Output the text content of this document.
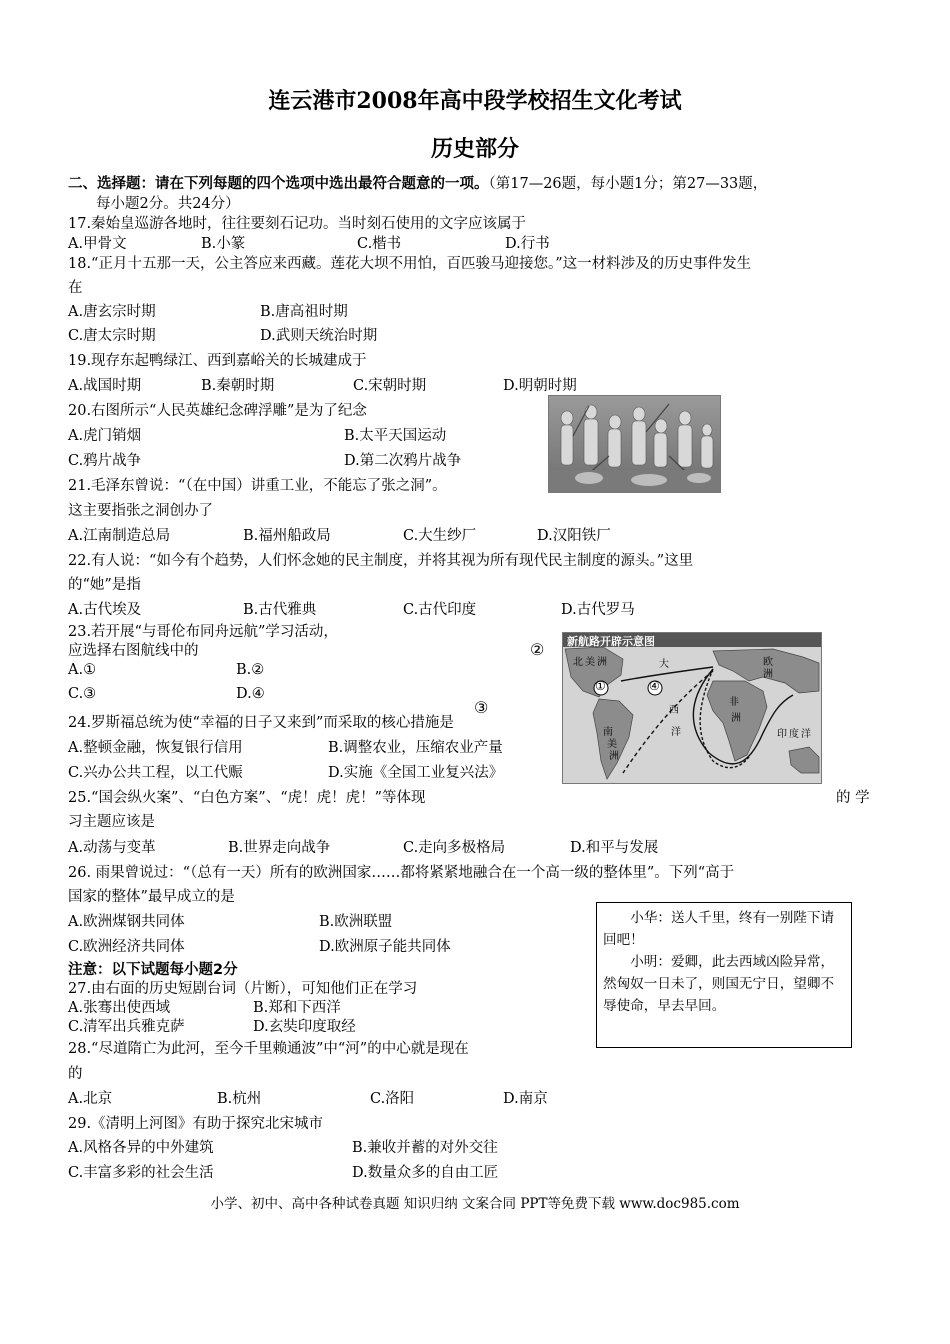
连云港市2008年高中段学校招生文化考试
历史部分
二、选择题：请在下列每题的四个选项中选出最符合题意的一项。（第17—26题，每小题1分；第27—33题，
每小题2分。共24分）
17.秦始皇巡游各地时，往往要刻石记功。当时刻石使用的文字应该属于
A.甲骨文	B.小篆	C.楷书	D.行书
18.“正月十五那一天，公主答应来西藏。莲花大坝不用怕，百匹骏马迎接您。”这一材料涉及的历史事件发生
在
A.唐玄宗时期	B.唐高祖时期
C.唐太宗时期	D.武则天统治时期
19.现存东起鸭绿江、西到嘉峪关的长城建成于
A.战国时期	B.秦朝时期	C.宋朝时期	D.明朝时期
20.右图所示“人民英雄纪念碑浮雕”是为了纪念
A.虎门销烟	B.太平天国运动
C.鸦片战争	D.第二次鸦片战争
21.毛泽东曾说：“（在中国）讲重工业，不能忘了张之洞”。
这主要指张之洞创办了
A.江南制造总局	B.福州船政局	C.大生纱厂	D.汉阳铁厂
22.有人说：“如今有个趋势，人们怀念她的民主制度，并将其视为所有现代民主制度的源头。”这里
的“她”是指
A.古代埃及	B.古代雅典	C.古代印度	D.古代罗马
23.若开展“与哥伦布同舟远航”学习活动，
应选择右图航线中的
A.①	B.②
C.③	D.④
②
③
新航路开辟示意图
①	④
北 美 洲	大
西
洋
南
美
洲
非
洲
欧
洲
印 度 洋
24.罗斯福总统为使“幸福的日子又来到”而采取的核心措施是
A.整顿金融，恢复银行信用	B.调整农业，压缩农业产量
C.兴办公共工程，以工代赈	D.实施《全国工业复兴法》
25.“国会纵火案”、“白色方案”、“虎！虎！虎！”等体现	的 学
习主题应该是
A.动荡与变革	B.世界走向战争	C.走向多极格局	D.和平与发展
26. 雨果曾说过：“（总有一天）所有的欧洲国家……都将紧紧地融合在一个高一级的整体里”。下列“高于
国家的整体”最早成立的是
A.欧洲煤钢共同体	B.欧洲联盟
C.欧洲经济共同体	D.欧洲原子能共同体
注意：以下试题每小题2分
27.由右面的历史短剧台词（片断），可知他们正在学习
A.张骞出使西域	B.郑和下西洋
C.清军出兵雅克萨	D.玄奘印度取经
小华：送人千里，终有一别陛下请回吧！
小明：爱卿，此去西域凶险异常，然匈奴一日未了，则国无宁日，望卿不辱使命，早去早回。
28.“尽道隋亡为此河，至今千里赖通波”中“河”的中心就是现在
的
A.北京	B.杭州	C.洛阳	D.南京
29.《清明上河图》有助于探究北宋城市
A.风格各异的中外建筑	B.兼收并蓄的对外交往
C.丰富多彩的社会生活	D.数量众多的自由工匠
小学、初中、高中各种试卷真题 知识归纳 文案合同 PPT等免费下载 www.doc985.com
